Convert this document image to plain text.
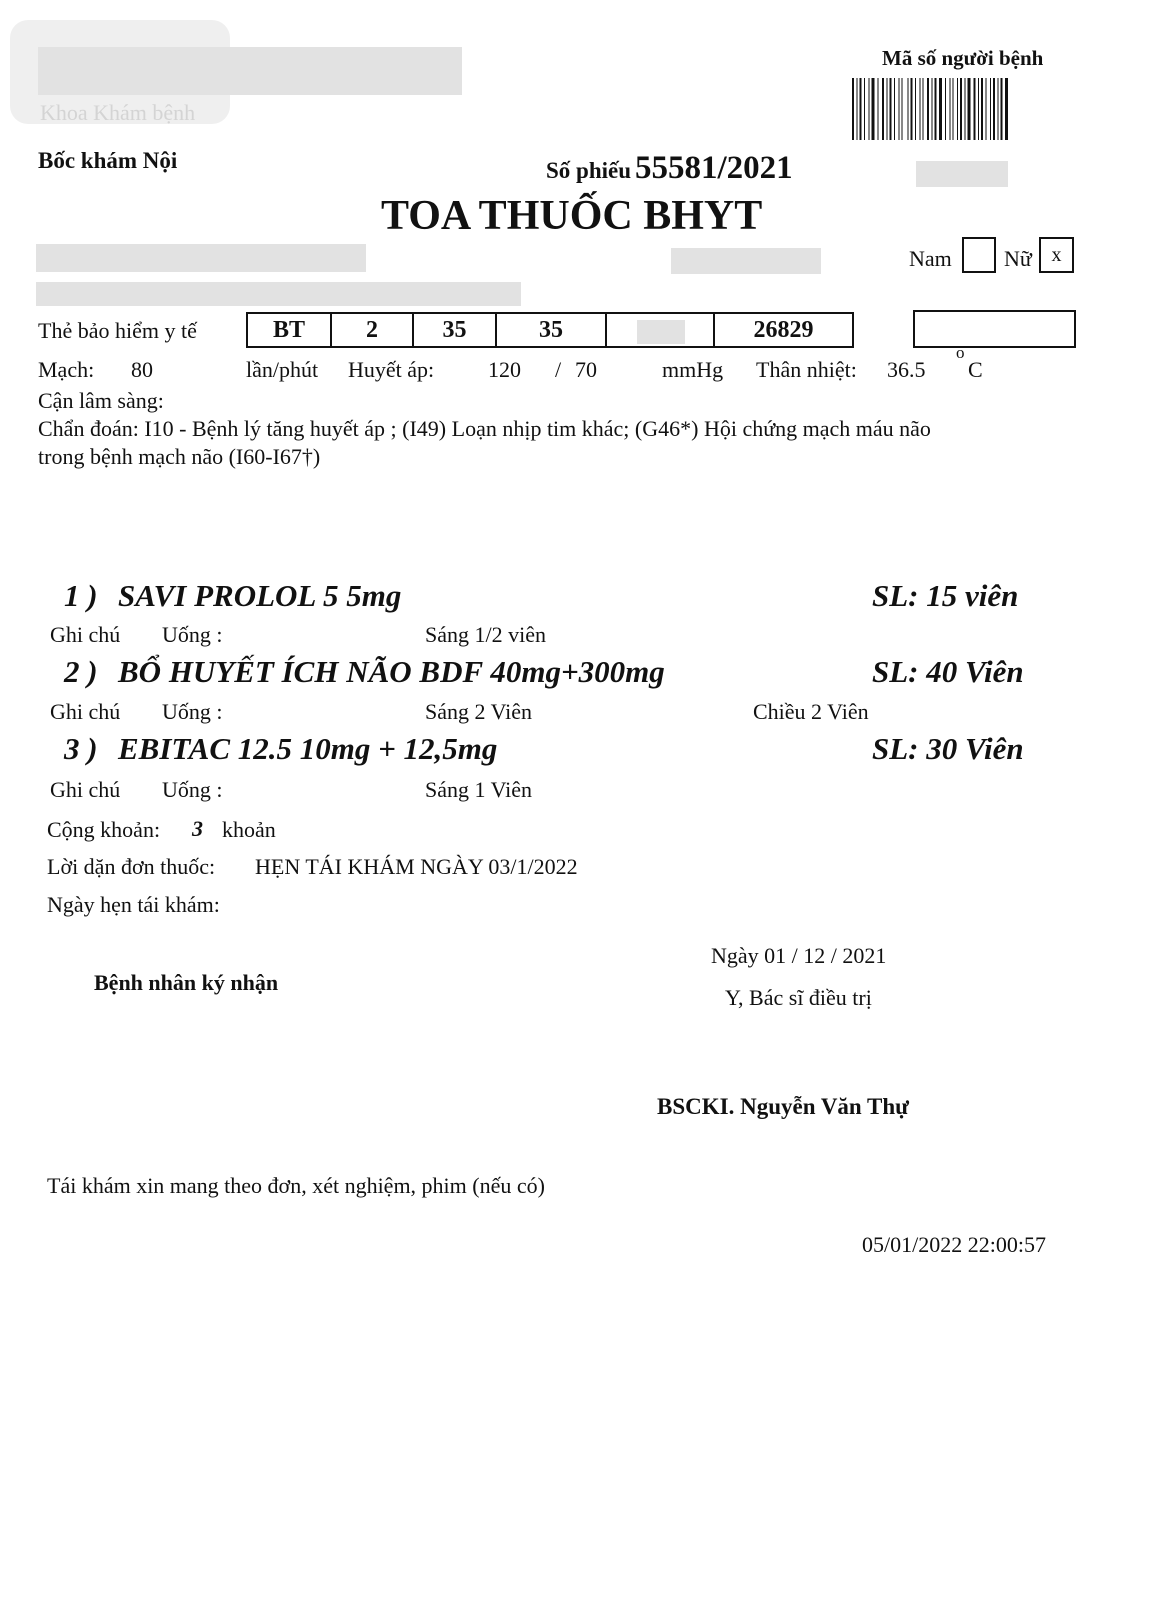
Khoa Khám bệnh
Bốc khám Nội
Mã số người bệnh
Số phiếu 55581/2021
TOA THUỐC BHYT
Nam Nữ x
Thẻ bảo hiểm y tế	BT	2	35	35	26829
Mạch: 80	lần/phút Huyết áp: 120 / 70	mmHg Thân nhiệt: 36.5
o
C
Cận lâm sàng:
Chẩn đoán: I10 - Bệnh lý tăng huyết áp ; (I49) Loạn nhịp tim khác; (G46*) Hội chứng mạch máu não
trong bệnh mạch não (I60-I67†)
1 ) SAVI PROLOL 5 5mg	SL: 15 viên
Ghi chú Uống :	Sáng 1/2 viên
2 ) BỔ HUYẾT ÍCH NÃO BDF 40mg+300mg	SL: 40 Viên
Ghi chú Uống :	Sáng 2 Viên	Chiều 2 Viên
3 ) EBITAC 12.5 10mg + 12,5mg	SL: 30 Viên
Ghi chú Uống :	Sáng 1 Viên
Cộng khoản: 3 khoản
Lời dặn đơn thuốc: HẸN TÁI KHÁM NGÀY 03/1/2022
Ngày hẹn tái khám:
Bệnh nhân ký nhận
Ngày 01 / 12 / 2021
Y, Bác sĩ điều trị
BSCKI. Nguyễn Văn Thự
Tái khám xin mang theo đơn, xét nghiệm, phim (nếu có)
05/01/2022 22:00:57
